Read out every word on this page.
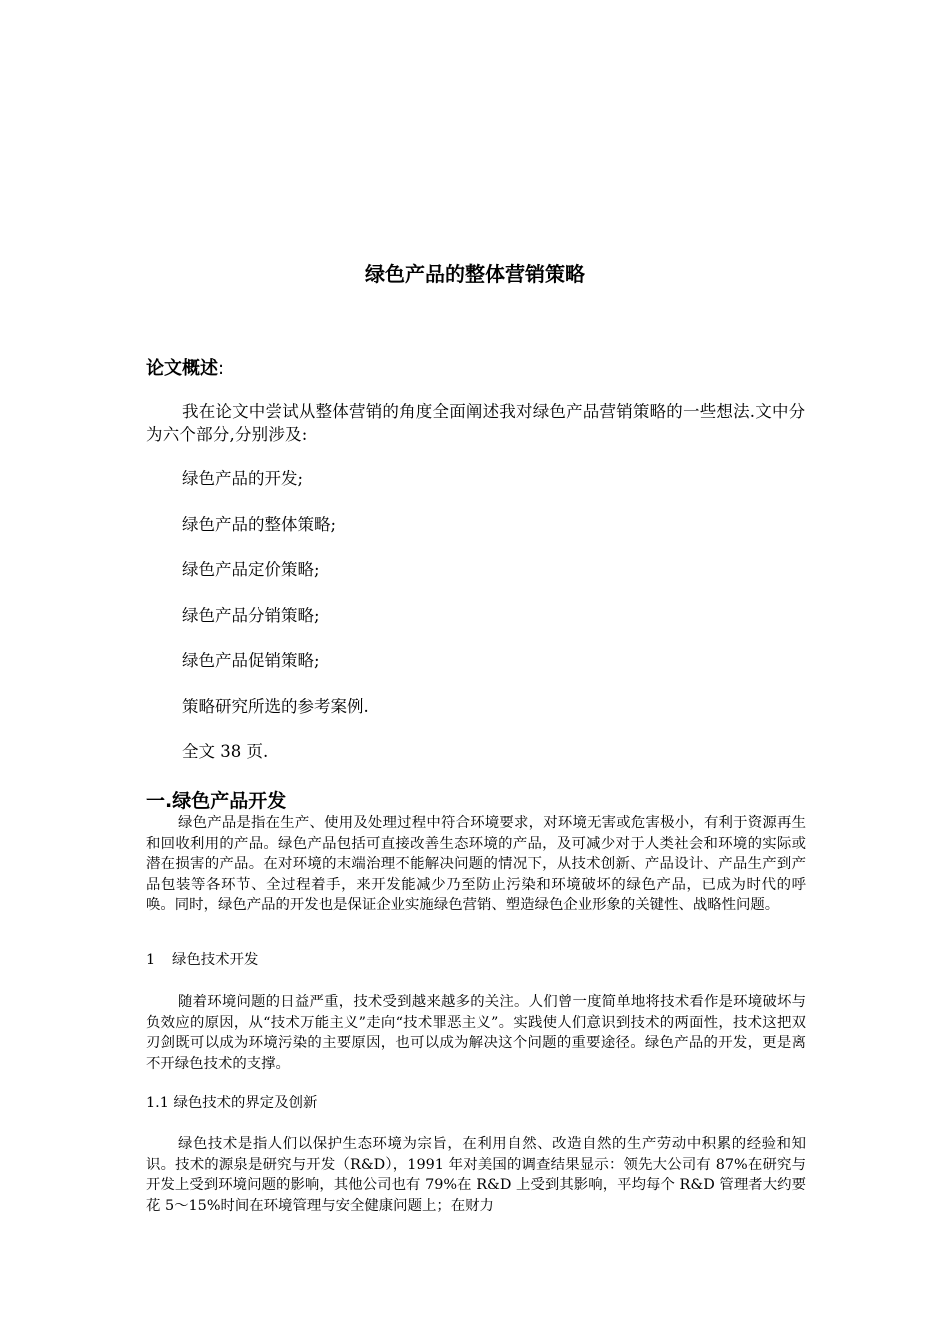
绿色产品的整体营销策略
论文概述:

我在论文中尝试从整体营销的角度全面阐述我对绿色产品营销策略的一些想法.文中分为六个部分,分别涉及:

绿色产品的开发;

绿色产品的整体策略;

绿色产品定价策略;

绿色产品分销策略;

绿色产品促销策略;

策略研究所选的参考案例.

全文 38 页.

一.绿色产品开发

绿色产品是指在生产、使用及处理过程中符合环境要求，对环境无害或危害极小，有利于资源再生和回收利用的产品。绿色产品包括可直接改善生态环境的产品，及可减少对于人类社会和环境的实际或潜在损害的产品。在对环境的末端治理不能解决问题的情况下，从技术创新、产品设计、产品生产到产品包装等各环节、全过程着手，来开发能减少乃至防止污染和环境破坏的绿色产品，已成为时代的呼唤。同时，绿色产品的开发也是保证企业实施绿色营销、塑造绿色企业形象的关键性、战略性问题。

1 绿色技术开发

随着环境问题的日益严重，技术受到越来越多的关注。人们曾一度简单地将技术看作是环境破坏与负效应的原因，从“技术万能主义”走向“技术罪恶主义”。实践使人们意识到技术的两面性，技术这把双刃剑既可以成为环境污染的主要原因，也可以成为解决这个问题的重要途径。绿色产品的开发，更是离不开绿色技术的支撑。

1.1 绿色技术的界定及创新

绿色技术是指人们以保护生态环境为宗旨，在利用自然、改造自然的生产劳动中积累的经验和知识。技术的源泉是研究与开发（R&D），1991 年对美国的调查结果显示：领先大公司有 87%在研究与开发上受到环境问题的影响，其他公司也有 79%在 R&D 上受到其影响，平均每个 R&D 管理者大约要花 5～15%时间在环境管理与安全健康问题上；在财力
